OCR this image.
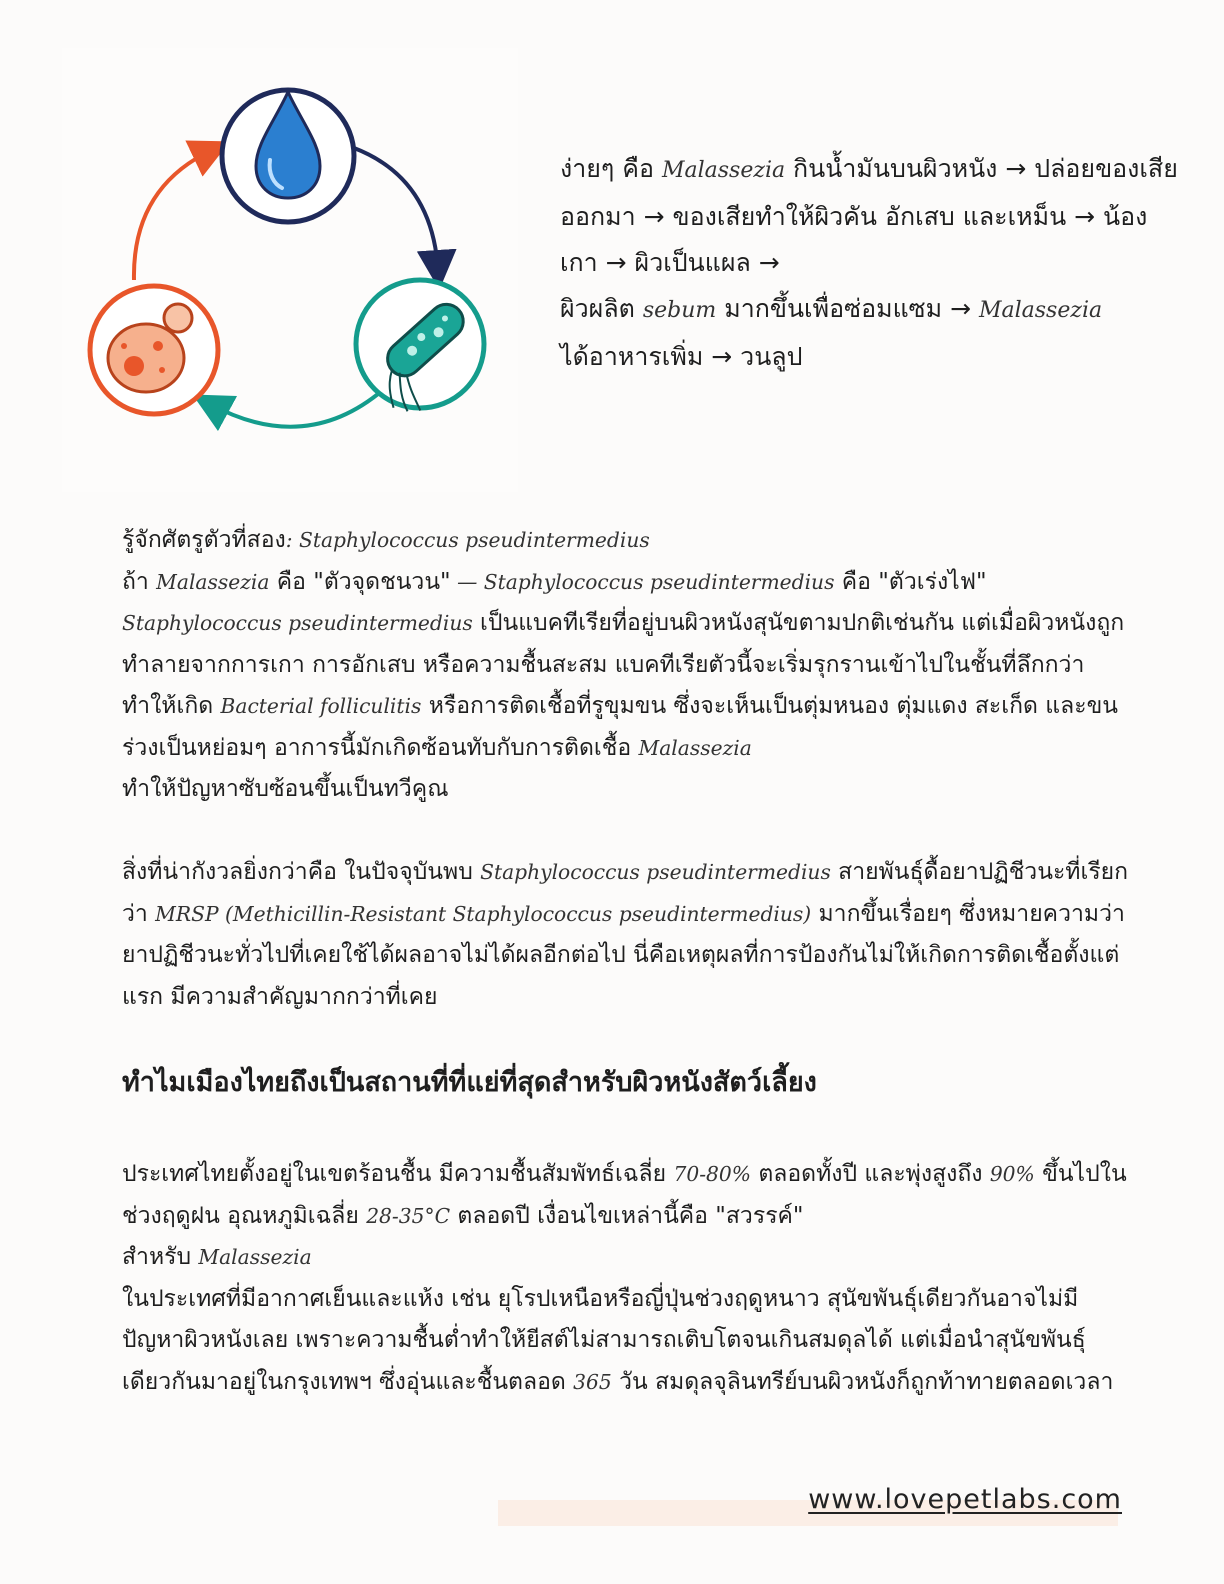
ง่ายๆ คือ Malassezia กินน้ำมันบนผิวหนัง → ปล่อยของเสียออกมา → ของเสียทำให้ผิวคัน อักเสบ และเหม็น → น้องเกา → ผิวเป็นแผล →
ผิวผลิต sebum มากขึ้นเพื่อซ่อมแซม → Malassezia
ได้อาหารเพิ่ม → วนลูป

รู้จักศัตรูตัวที่สอง: Staphylococcus pseudintermedius
ถ้า Malassezia คือ "ตัวจุดชนวน" — Staphylococcus pseudintermedius คือ "ตัวเร่งไฟ"
Staphylococcus pseudintermedius เป็นแบคทีเรียที่อยู่บนผิวหนังสุนัขตามปกติเช่นกัน แต่เมื่อผิวหนังถูกทำลายจากการเกา การอักเสบ หรือความชื้นสะสม แบคทีเรียตัวนี้จะเริ่มรุกรานเข้าไปในชั้นที่ลึกกว่า ทำให้เกิด Bacterial folliculitis หรือการติดเชื้อที่รูขุมขน ซึ่งจะเห็นเป็นตุ่มหนอง ตุ่มแดง สะเก็ด และขนร่วงเป็นหย่อมๆ อาการนี้มักเกิดซ้อนทับกับการติดเชื้อ Malassezia
ทำให้ปัญหาซับซ้อนขึ้นเป็นทวีคูณ

สิ่งที่น่ากังวลยิ่งกว่าคือ ในปัจจุบันพบ Staphylococcus pseudintermedius สายพันธุ์ดื้อยาปฏิชีวนะที่เรียกว่า MRSP (Methicillin-Resistant Staphylococcus pseudintermedius) มากขึ้นเรื่อยๆ ซึ่งหมายความว่ายาปฏิชีวนะทั่วไปที่เคยใช้ได้ผลอาจไม่ได้ผลอีกต่อไป นี่คือเหตุผลที่การป้องกันไม่ให้เกิดการติดเชื้อตั้งแต่แรก มีความสำคัญมากกว่าที่เคย

ทำไมเมืองไทยถึงเป็นสถานที่ที่แย่ที่สุดสำหรับผิวหนังสัตว์เลี้ยง

ประเทศไทยตั้งอยู่ในเขตร้อนชื้น มีความชื้นสัมพัทธ์เฉลี่ย 70-80% ตลอดทั้งปี และพุ่งสูงถึง 90% ขึ้นไปในช่วงฤดูฝน อุณหภูมิเฉลี่ย 28-35°C ตลอดปี เงื่อนไขเหล่านี้คือ "สวรรค์"
สำหรับ Malassezia
ในประเทศที่มีอากาศเย็นและแห้ง เช่น ยุโรปเหนือหรือญี่ปุ่นช่วงฤดูหนาว สุนัขพันธุ์เดียวกันอาจไม่มีปัญหาผิวหนังเลย เพราะความชื้นต่ำทำให้ยีสต์ไม่สามารถเติบโตจนเกินสมดุลได้ แต่เมื่อนำสุนัขพันธุ์เดียวกันมาอยู่ในกรุงเทพฯ ซึ่งอุ่นและชื้นตลอด 365 วัน สมดุลจุลินทรีย์บนผิวหนังก็ถูกท้าทายตลอดเวลา

www.lovepetlabs.com
